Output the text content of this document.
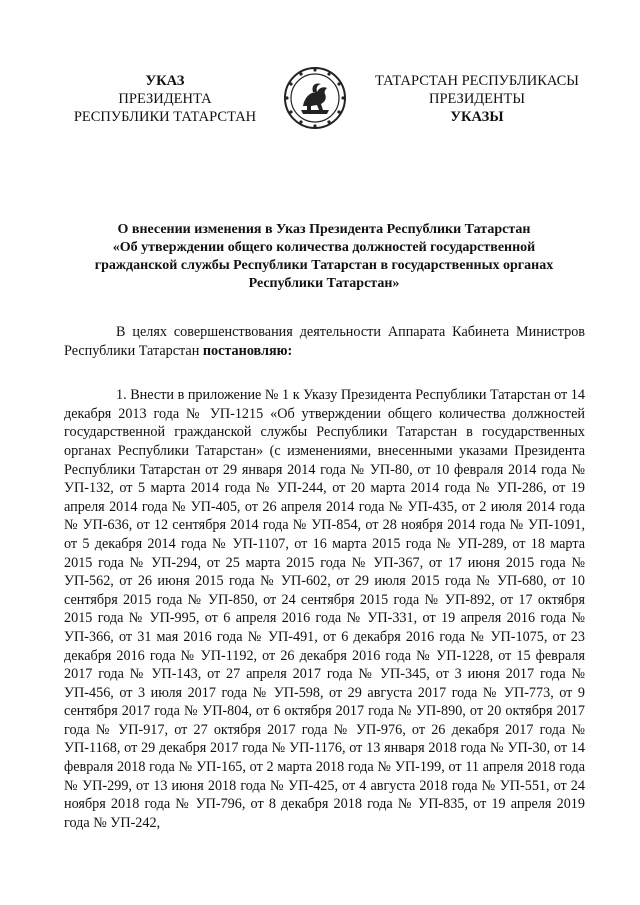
УКАЗ
ПРЕЗИДЕНТА
РЕСПУБЛИКИ ТАТАРСТАН
ТАТАРСТАН РЕСПУБЛИКАСЫ
ПРЕЗИДЕНТЫ
УКАЗЫ
О внесении изменения в Указ Президента Республики Татарстан
«Об утверждении общего количества должностей государственной
гражданской службы Республики Татарстан в государственных органах
Республики Татарстан»

В целях совершенствования деятельности Аппарата Кабинета Министров Республики Татарстан постановляю:

1. Внести в приложение № 1 к Указу Президента Республики Татарстан от 14 декабря 2013 года № УП-1215 «Об утверждении общего количества должностей государственной гражданской службы Республики Татарстан в государственных органах Республики Татарстан» (с изменениями, внесенными указами Президента Республики Татарстан от 29 января 2014 года № УП-80, от 10 февраля 2014 года № УП-132, от 5 марта 2014 года № УП-244, от 20 марта 2014 года № УП-286, от 19 апреля 2014 года № УП-405, от 26 апреля 2014 года № УП-435, от 2 июля 2014 года № УП-636, от 12 сентября 2014 года № УП-854, от 28 ноября 2014 года № УП-1091, от 5 декабря 2014 года № УП-1107, от 16 марта 2015 года № УП-289, от 18 марта 2015 года № УП-294, от 25 марта 2015 года № УП-367, от 17 июня 2015 года № УП-562, от 26 июня 2015 года № УП-602, от 29 июля 2015 года № УП-680, от 10 сентября 2015 года № УП-850, от 24 сентября 2015 года № УП-892, от 17 октября 2015 года № УП-995, от 6 апреля 2016 года № УП-331, от 19 апреля 2016 года № УП-366, от 31 мая 2016 года № УП-491, от 6 декабря 2016 года № УП-1075, от 23 декабря 2016 года № УП-1192, от 26 декабря 2016 года № УП-1228, от 15 февраля 2017 года № УП-143, от 27 апреля 2017 года № УП-345, от 3 июня 2017 года № УП-456, от 3 июля 2017 года № УП-598, от 29 августа 2017 года № УП-773, от 9 сентября 2017 года № УП-804, от 6 октября 2017 года № УП-890, от 20 октября 2017 года № УП-917, от 27 октября 2017 года № УП-976, от 26 декабря 2017 года № УП-1168, от 29 декабря 2017 года № УП-1176, от 13 января 2018 года № УП-30, от 14 февраля 2018 года № УП-165, от 2 марта 2018 года № УП-199, от 11 апреля 2018 года № УП-299, от 13 июня 2018 года № УП-425, от 4 августа 2018 года № УП-551, от 24 ноября 2018 года № УП-796, от 8 декабря 2018 года № УП-835, от 19 апреля 2019 года № УП-242,
